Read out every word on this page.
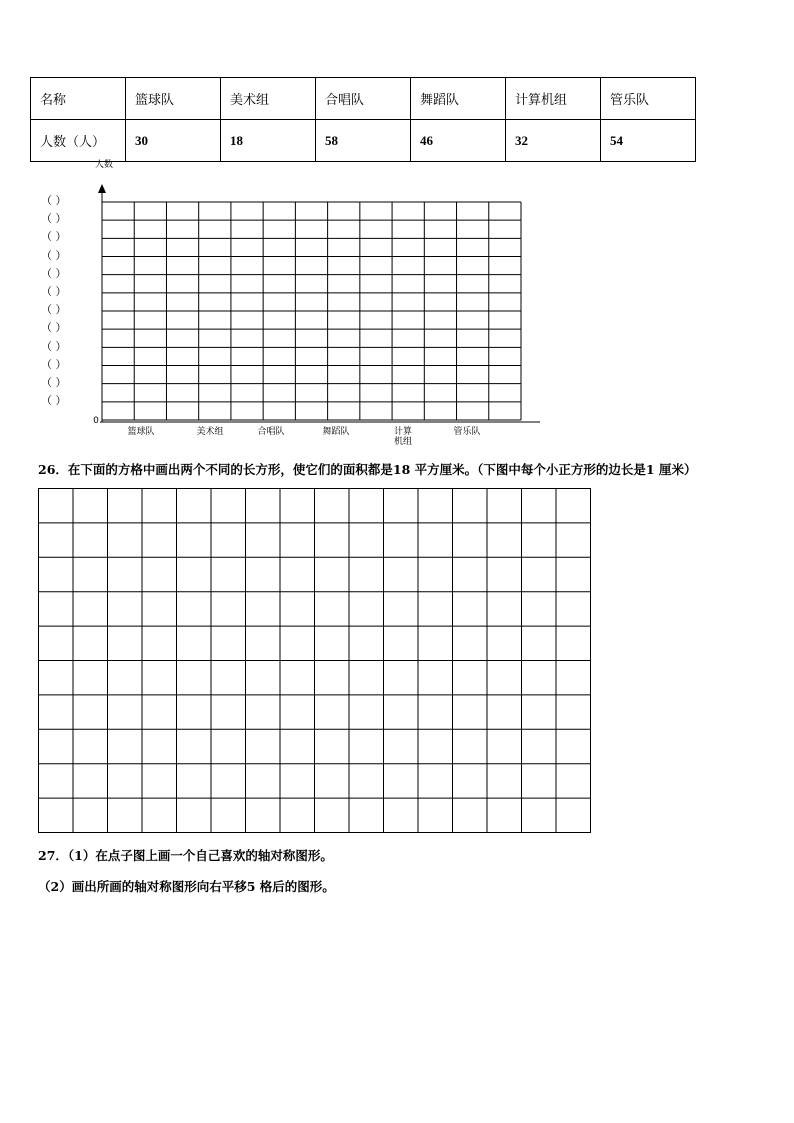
名称	篮球队	美术组	合唱队	舞蹈队	计算机组	管乐队
人数（人）	30	18	58	46	32	54
人数
0
（ ）
（ ）
（ ）
（ ）
（ ）
（ ）
（ ）
（ ）
（ ）
（ ）
（ ）
（ ）
篮球队	美术组	合唱队	舞蹈队	计算
机组
管乐队
26．在下面的方格中画出两个不同的长方形，使它们的面积都是18 平方厘米。（下图中每个小正方形的边长是1 厘米）
27．（1）在点子图上画一个自己喜欢的轴对称图形。
（2）画出所画的轴对称图形向右平移5 格后的图形。
